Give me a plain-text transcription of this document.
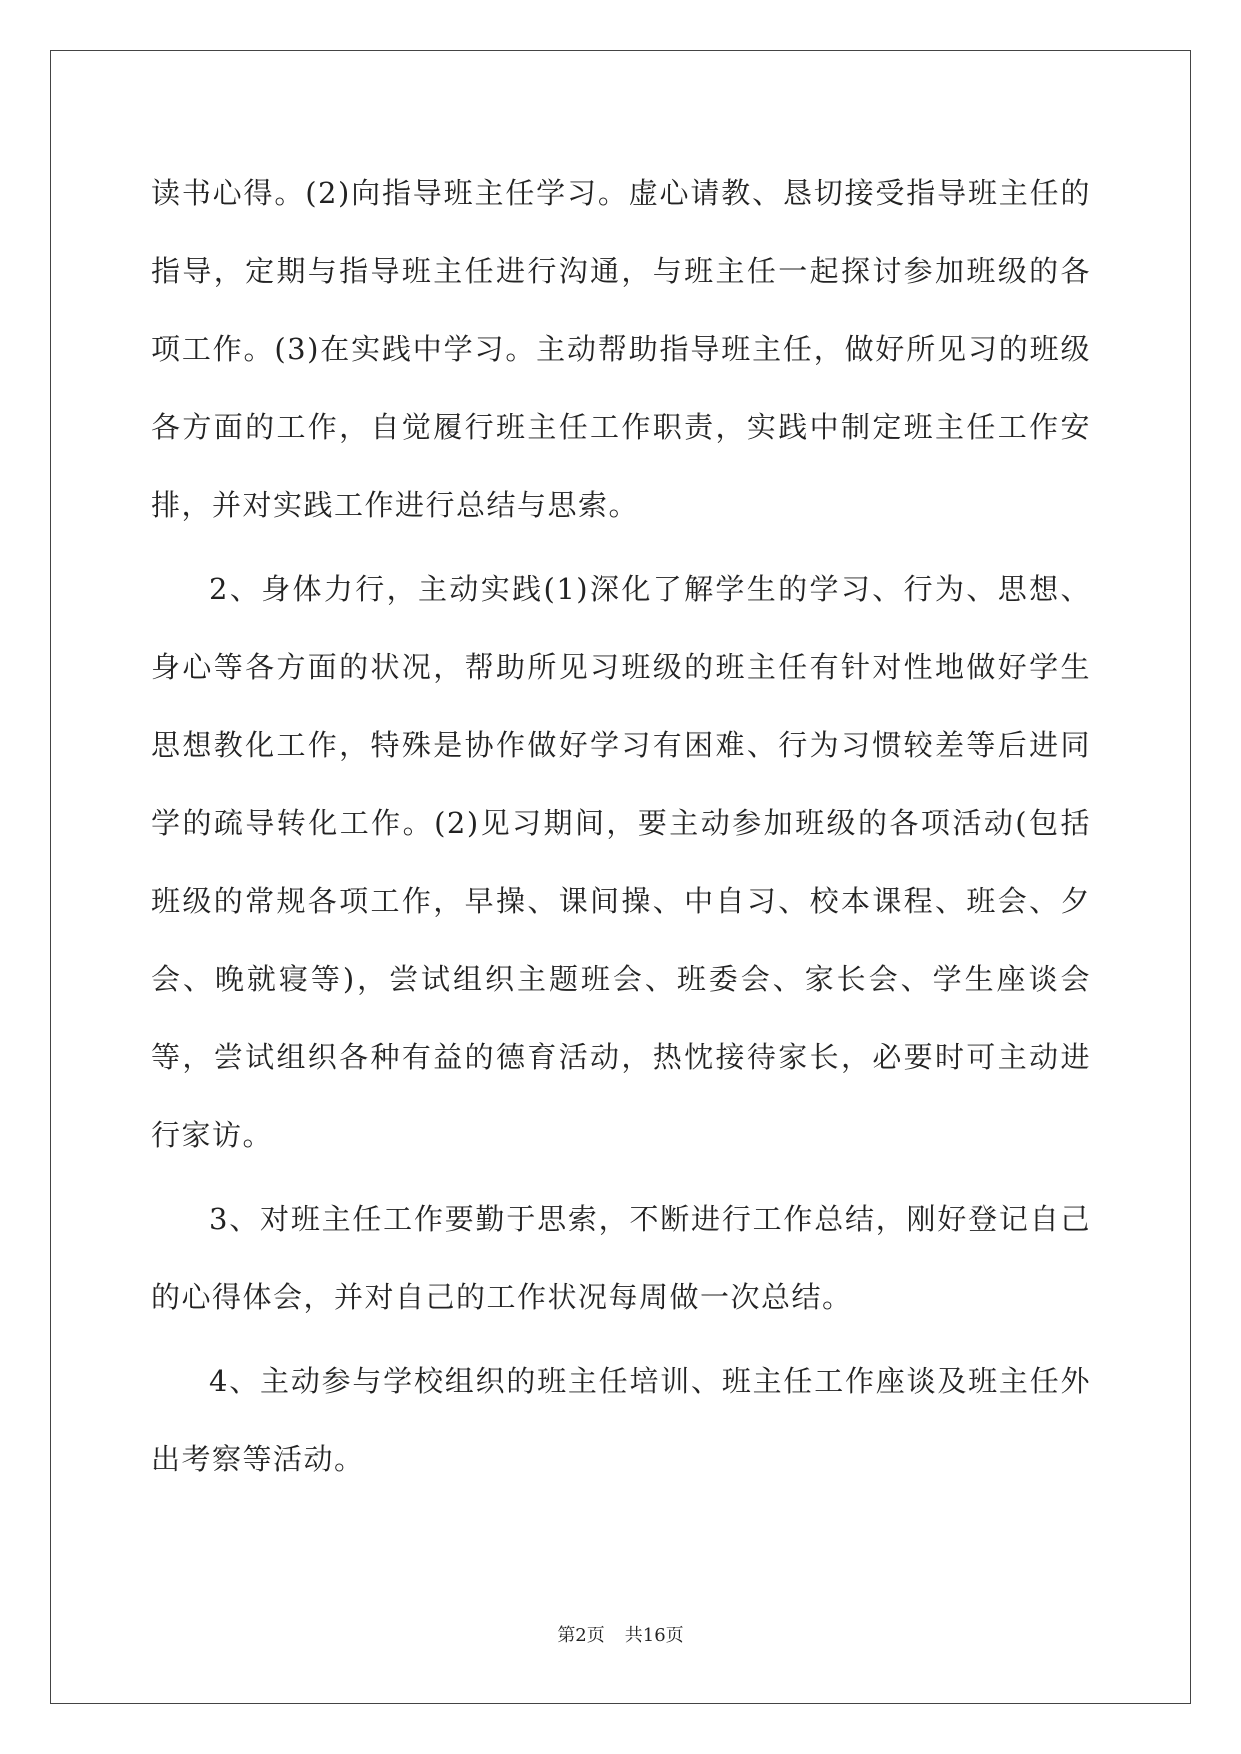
读书心得。(2)向指导班主任学习。虚心请教、恳切接受指导班主任的指导，定期与指导班主任进行沟通，与班主任一起探讨参加班级的各项工作。(3)在实践中学习。主动帮助指导班主任，做好所见习的班级各方面的工作，自觉履行班主任工作职责，实践中制定班主任工作安排，并对实践工作进行总结与思索。

2、身体力行，主动实践(1)深化了解学生的学习、行为、思想、身心等各方面的状况，帮助所见习班级的班主任有针对性地做好学生思想教化工作，特殊是协作做好学习有困难、行为习惯较差等后进同学的疏导转化工作。(2)见习期间，要主动参加班级的各项活动(包括班级的常规各项工作，早操、课间操、中自习、校本课程、班会、夕会、晚就寝等)，尝试组织主题班会、班委会、家长会、学生座谈会等，尝试组织各种有益的德育活动，热忱接待家长，必要时可主动进行家访。

3、对班主任工作要勤于思索，不断进行工作总结，刚好登记自己的心得体会，并对自己的工作状况每周做一次总结。

4、主动参与学校组织的班主任培训、班主任工作座谈及班主任外出考察等活动。

第2页 共16页
